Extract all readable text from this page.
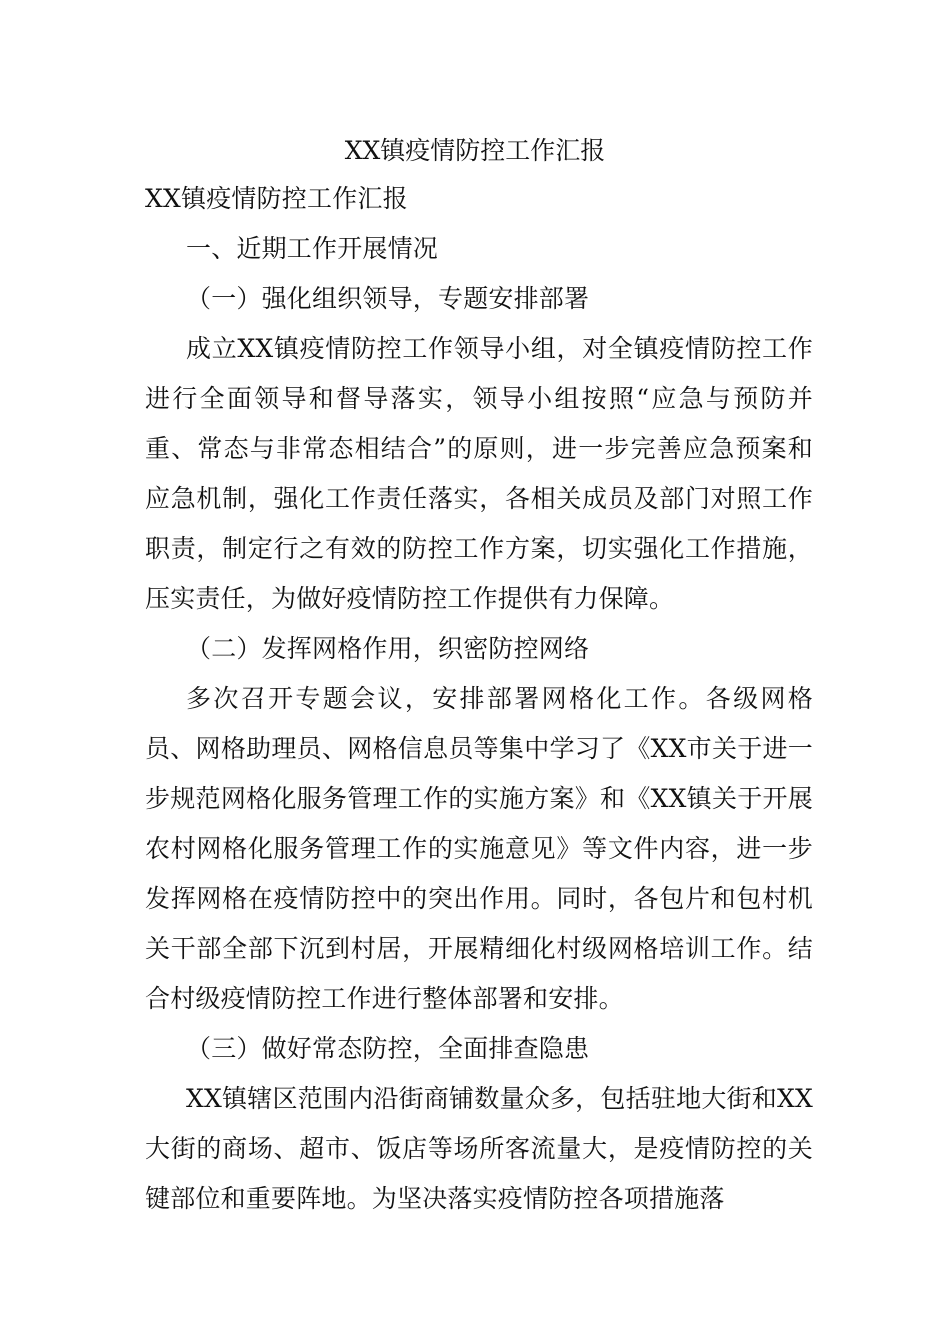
XX镇疫情防控工作汇报

XX镇疫情防控工作汇报

一、近期工作开展情况

（一）强化组织领导，专题安排部署

成立XX镇疫情防控工作领导小组，对全镇疫情防控工作进行全面领导和督导落实，领导小组按照“应急与预防并重、常态与非常态相结合”的原则，进一步完善应急预案和应急机制，强化工作责任落实，各相关成员及部门对照工作职责，制定行之有效的防控工作方案，切实强化工作措施，压实责任，为做好疫情防控工作提供有力保障。

（二）发挥网格作用，织密防控网络

多次召开专题会议，安排部署网格化工作。各级网格员、网格助理员、网格信息员等集中学习了《XX市关于进一步规范网格化服务管理工作的实施方案》和《XX镇关于开展农村网格化服务管理工作的实施意见》等文件内容，进一步发挥网格在疫情防控中的突出作用。同时，各包片和包村机关干部全部下沉到村居，开展精细化村级网格培训工作。结合村级疫情防控工作进行整体部署和安排。

（三）做好常态防控，全面排查隐患

XX镇辖区范围内沿街商铺数量众多，包括驻地大街和XX大街的商场、超市、饭店等场所客流量大，是疫情防控的关键部位和重要阵地。为坚决落实疫情防控各项措施落
